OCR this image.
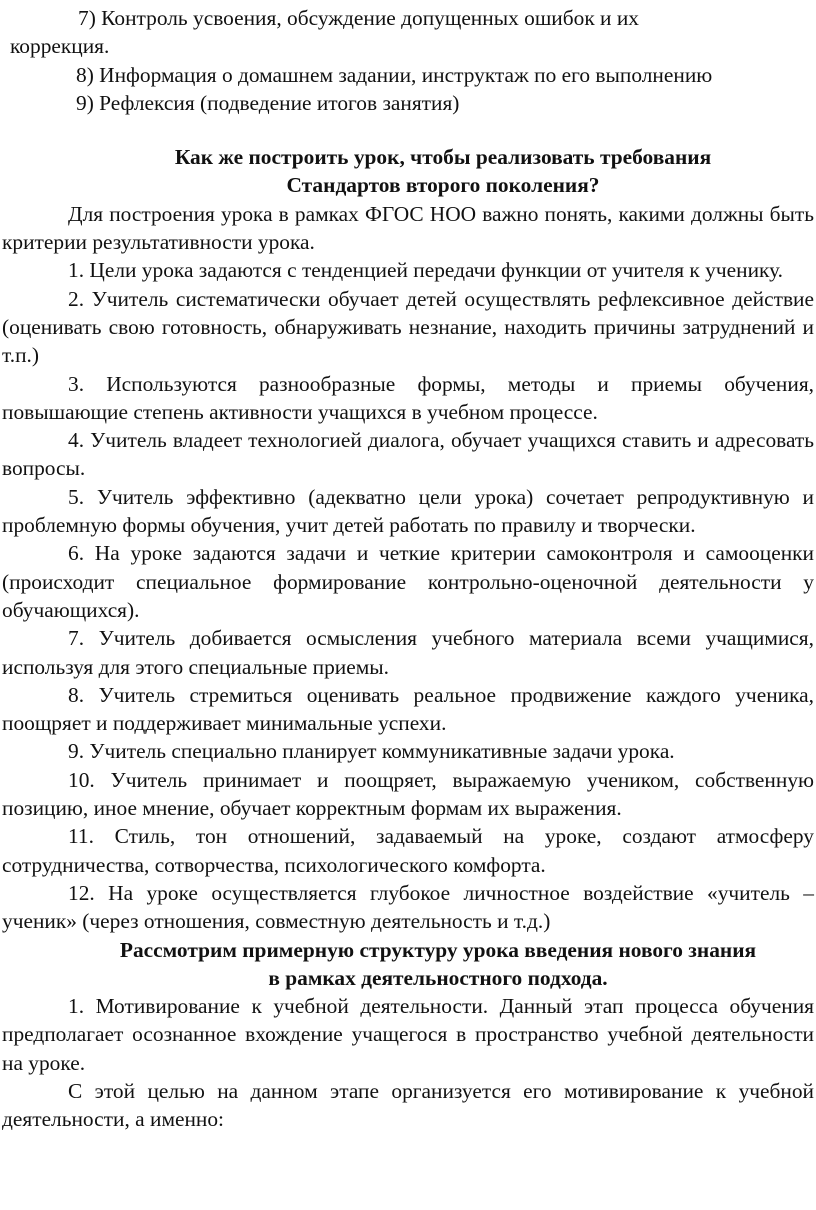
7) Контроль усвоения, обсуждение допущенных ошибок и их

коррекция.

8) Информация о домашнем задании, инструктаж по его выполнению

9) Рефлексия (подведение итогов занятия)

Как же построить урок, чтобы реализовать требования
Стандартов второго поколения?

Для построения урока в рамках ФГОС НОО важно понять, какими должны быть критерии результативности урока.

1. Цели урока задаются с тенденцией передачи функции от учителя к ученику.

2. Учитель систематически обучает детей осуществлять рефлексивное действие (оценивать свою готовность, обнаруживать незнание, находить причины затруднений и т.п.)

3. Используются разнообразные формы, методы и приемы обучения, повышающие степень активности учащихся в учебном процессе.

4. Учитель владеет технологией диалога, обучает учащихся ставить и адресовать вопросы.

5. Учитель эффективно (адекватно цели урока) сочетает репродуктивную и проблемную формы обучения, учит детей работать по правилу и творчески.

6. На уроке задаются задачи и четкие критерии самоконтроля и самооценки (происходит специальное формирование контрольно-оценочной деятельности у обучающихся).

7. Учитель добивается осмысления учебного материала всеми учащимися, используя для этого специальные приемы.

8. Учитель стремиться оценивать реальное продвижение каждого ученика, поощряет и поддерживает минимальные успехи.

9. Учитель специально планирует коммуникативные задачи урока.

10. Учитель принимает и поощряет, выражаемую учеником, собственную позицию, иное мнение, обучает корректным формам их выражения.

11. Стиль, тон отношений, задаваемый на уроке, создают атмосферу сотрудничества, сотворчества, психологического комфорта.

12. На уроке осуществляется глубокое личностное воздействие «учитель – ученик» (через отношения, совместную деятельность и т.д.)

Рассмотрим примерную структуру урока введения нового знания
в рамках деятельностного подхода.

1. Мотивирование к учебной деятельности. Данный этап процесса обучения предполагает осознанное вхождение учащегося в пространство учебной деятельности на уроке.

С этой целью на данном этапе организуется его мотивирование к учебной деятельности, а именно:
